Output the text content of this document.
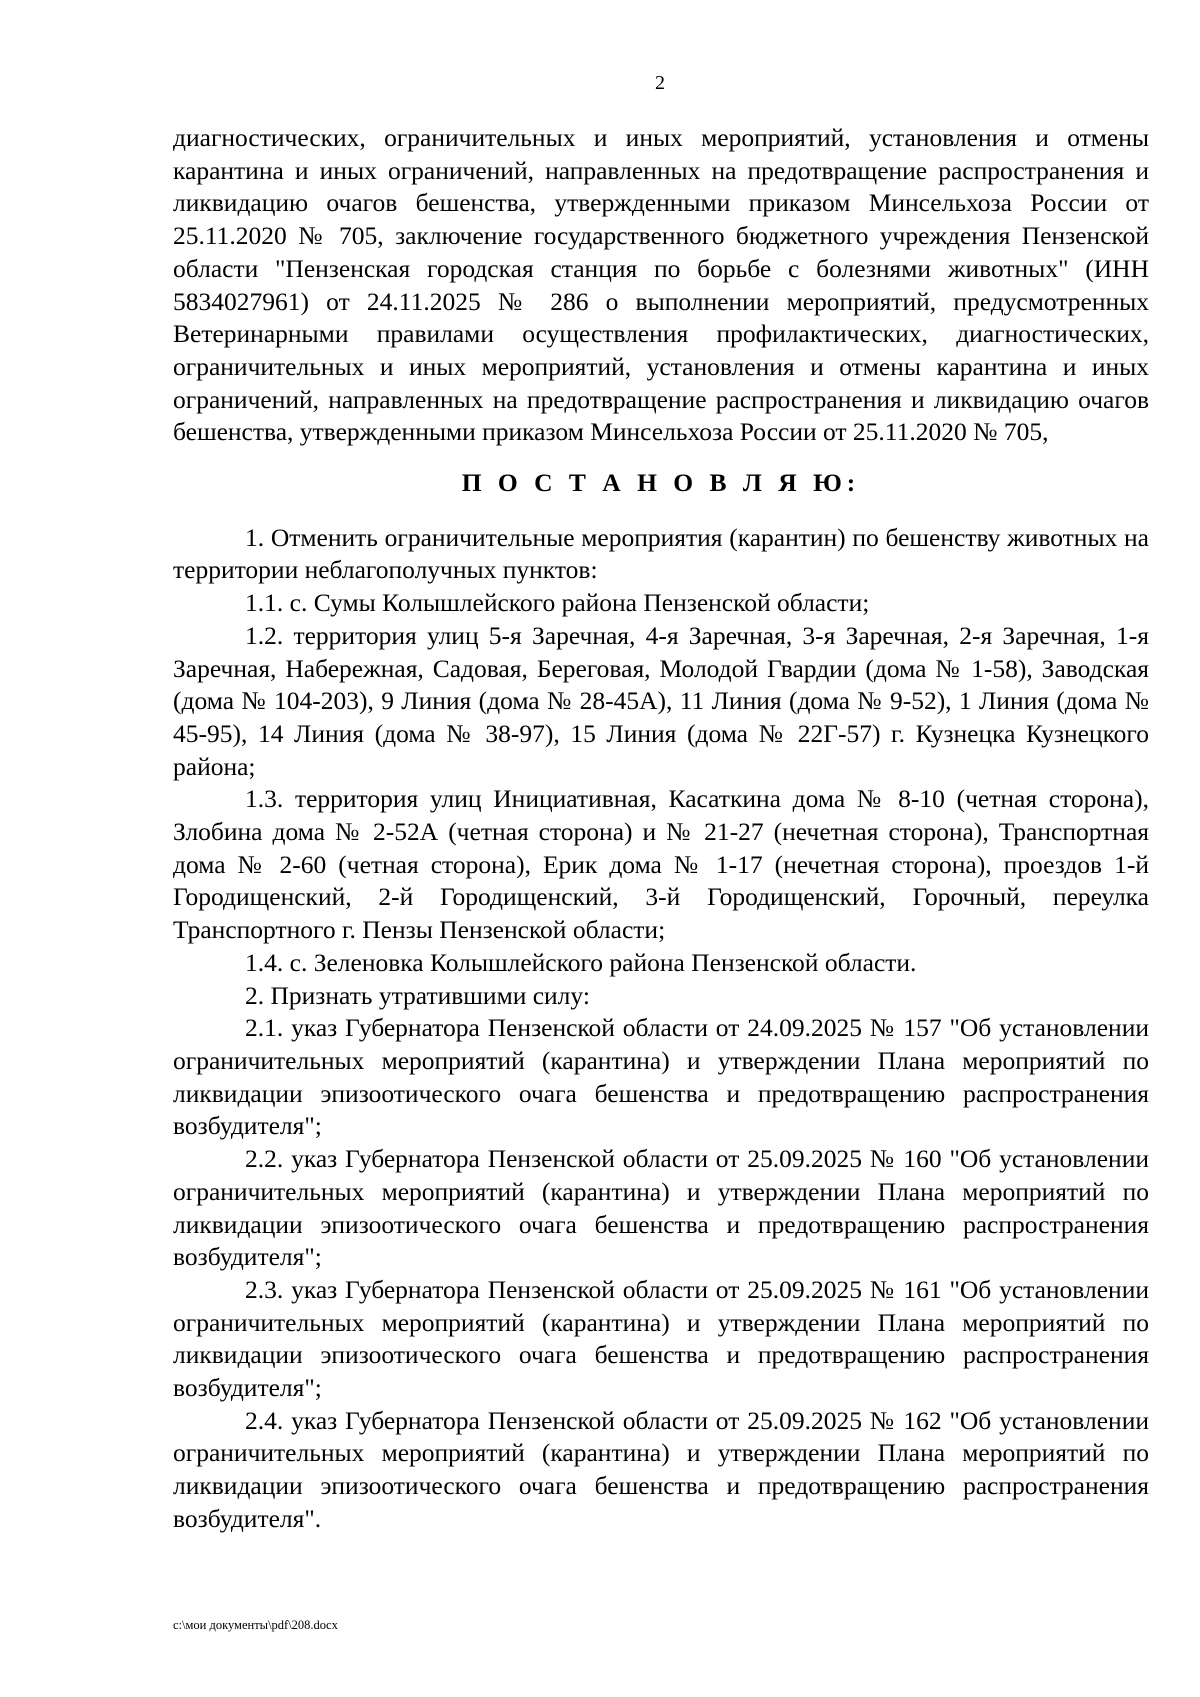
2

диагностических, ограничительных и иных мероприятий, установления и отмены карантина и иных ограничений, направленных на предотвращение распространения и ликвидацию очагов бешенства, утвержденными приказом Минсельхоза России от 25.11.2020 № 705, заключение государственного бюджетного учреждения Пензенской области "Пензенская городская станция по борьбе с болезнями животных" (ИНН 5834027961) от 24.11.2025 № 286 о выполнении мероприятий, предусмотренных Ветеринарными правилами осуществления профилактических, диагностических, ограничительных и иных мероприятий, установления и отмены карантина и иных ограничений, направленных на предотвращение распространения и ликвидацию очагов бешенства, утвержденными приказом Минсельхоза России от 25.11.2020 № 705,

П О С Т А Н О В Л Я Ю:

1. Отменить ограничительные мероприятия (карантин) по бешенству животных на территории неблагополучных пунктов:

1.1. с. Сумы Колышлейского района Пензенской области;

1.2. территория улиц 5-я Заречная, 4-я Заречная, 3-я Заречная, 2-я Заречная, 1-я Заречная, Набережная, Садовая, Береговая, Молодой Гвардии (дома № 1-58), Заводская (дома № 104-203), 9 Линия (дома № 28-45А), 11 Линия (дома № 9-52), 1 Линия (дома № 45-95), 14 Линия (дома № 38-97), 15 Линия (дома № 22Г-57) г. Кузнецка Кузнецкого района;

1.3. территория улиц Инициативная, Касаткина дома № 8-10 (четная сторона), Злобина дома № 2-52А (четная сторона) и № 21-27 (нечетная сторона), Транспортная дома № 2-60 (четная сторона), Ерик дома № 1-17 (нечетная сторона), проездов 1-й Городищенский, 2-й Городищенский, 3-й Городищенский, Горочный, переулка Транспортного г. Пензы Пензенской области;

1.4. с. Зеленовка Колышлейского района Пензенской области.

2. Признать утратившими силу:

2.1. указ Губернатора Пензенской области от 24.09.2025 № 157 "Об установлении ограничительных мероприятий (карантина) и утверждении Плана мероприятий по ликвидации эпизоотического очага бешенства и предотвращению распространения возбудителя";

2.2. указ Губернатора Пензенской области от 25.09.2025 № 160 "Об установлении ограничительных мероприятий (карантина) и утверждении Плана мероприятий по ликвидации эпизоотического очага бешенства и предотвращению распространения возбудителя";

2.3. указ Губернатора Пензенской области от 25.09.2025 № 161 "Об установлении ограничительных мероприятий (карантина) и утверждении Плана мероприятий по ликвидации эпизоотического очага бешенства и предотвращению распространения возбудителя";

2.4. указ Губернатора Пензенской области от 25.09.2025 № 162 "Об установлении ограничительных мероприятий (карантина) и утверждении Плана мероприятий по ликвидации эпизоотического очага бешенства и предотвращению распространения возбудителя".

c:\мои документы\pdf\208.docx
